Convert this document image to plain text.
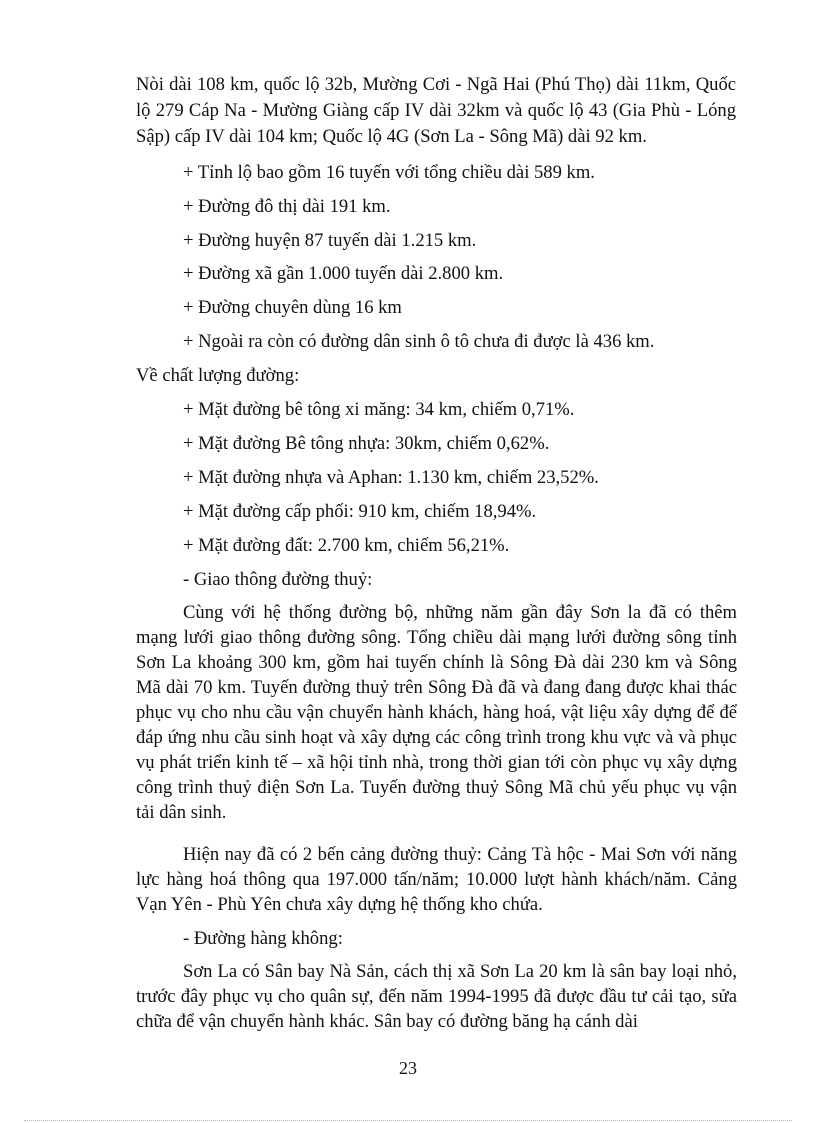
Nòi dài 108 km, quốc lộ 32b, Mường Cơi - Ngã Hai (Phú Thọ) dài 11km, Quốc lộ 279 Cáp Na - Mường Giàng cấp IV dài 32km và quốc lộ 43 (Gia Phù - Lóng Sập) cấp IV dài 104 km; Quốc lộ 4G (Sơn La - Sông Mã) dài 92 km.

+ Tỉnh lộ bao gồm 16 tuyến với tổng chiều dài 589 km.
+ Đường đô thị dài 191 km.
+ Đường huyện 87 tuyến dài 1.215 km.
+ Đường xã gần 1.000 tuyến dài 2.800 km.
+ Đường chuyên dùng 16 km
+ Ngoài ra còn có đường dân sinh ô tô chưa đi được là 436 km.
Về chất lượng đường:
+ Mặt đường bê tông xi măng: 34 km, chiếm 0,71%.
+ Mặt đường Bê tông nhựa: 30km, chiếm 0,62%.
+ Mặt đường nhựa và Aphan: 1.130 km, chiếm 23,52%.
+ Mặt đường cấp phối: 910 km, chiếm 18,94%.
+ Mặt đường đất: 2.700 km, chiếm 56,21%.
- Giao thông đường thuỷ:

Cùng với hệ thống đường bộ, những năm gần đây Sơn la đã có thêm mạng lưới giao thông đường sông. Tổng chiều dài mạng lưới đường sông tỉnh Sơn La khoảng 300 km, gồm hai tuyến chính là Sông Đà dài 230 km và Sông Mã dài 70 km. Tuyến đường thuỷ trên Sông Đà đã và đang đang được khai thác phục vụ cho nhu cầu vận chuyển hành khách, hàng hoá, vật liệu xây dựng để để đáp ứng nhu cầu sinh hoạt và xây dựng các công trình trong khu vực và và phục vụ phát triển kinh tế – xã hội tỉnh nhà, trong thời gian tới còn phục vụ xây dựng công trình thuỷ điện Sơn La. Tuyến đường thuỷ Sông Mã chủ yếu phục vụ vận tải dân sinh.

Hiện nay đã có 2 bến cảng đường thuỷ: Cảng Tà hộc - Mai Sơn với năng lực hàng hoá thông qua 197.000 tấn/năm; 10.000 lượt hành khách/năm. Cảng Vạn Yên - Phù Yên chưa xây dựng hệ thống kho chứa.

- Đường hàng không:

Sơn La có Sân bay Nà Sản, cách thị xã Sơn La 20 km là sân bay loại nhỏ, trước đây phục vụ cho quân sự, đến năm 1994-1995 đã được đầu tư cải tạo, sửa chữa để vận chuyển hành khác. Sân bay có đường băng hạ cánh dài

23
